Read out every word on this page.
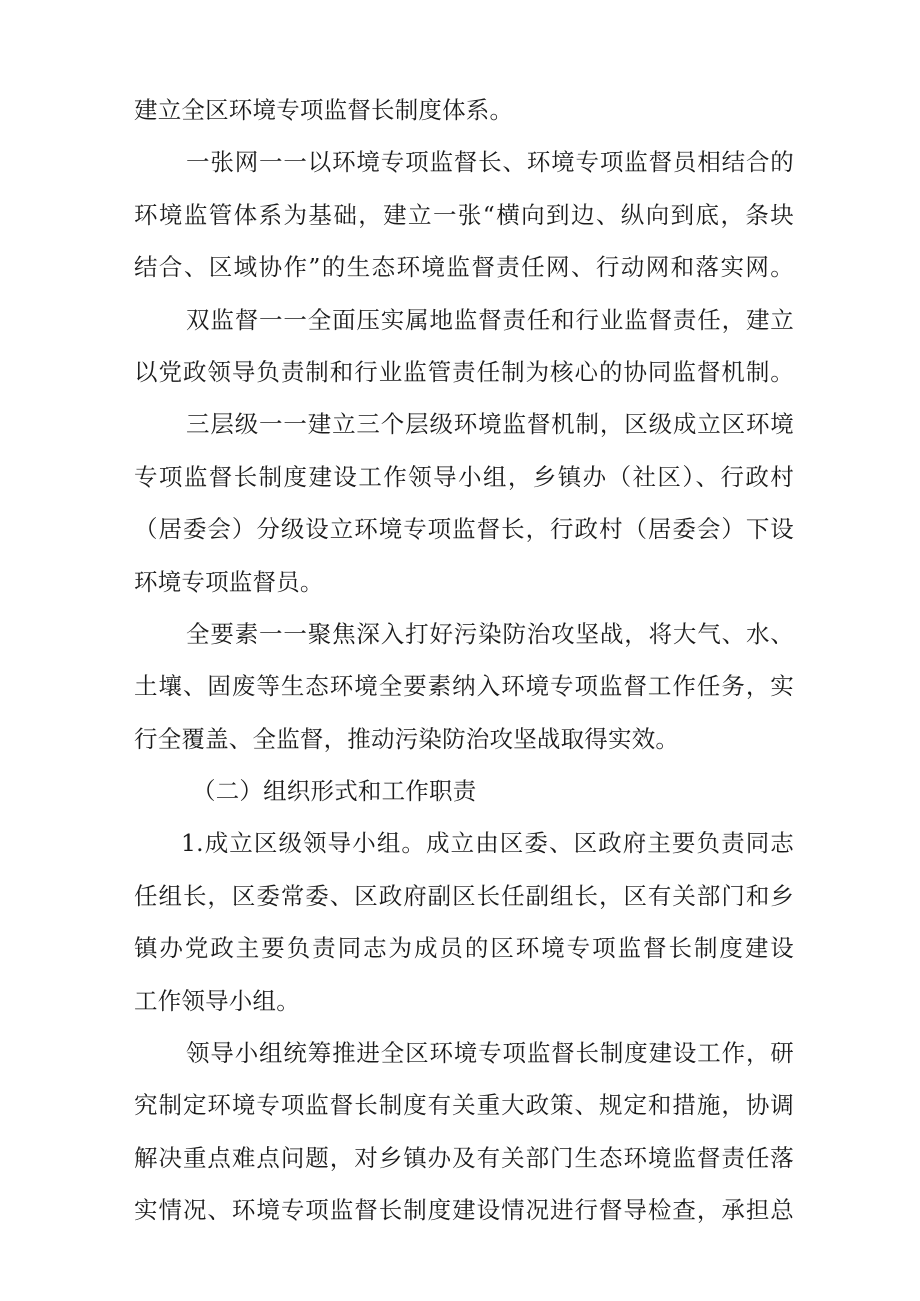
建立全区环境专项监督长制度体系。
一张网一一以环境专项监督长、环境专项监督员相结合的
环境监管体系为基础，建立一张“横向到边、纵向到底，条块
结合、区域协作”的生态环境监督责任网、行动网和落实网。
双监督一一全面压实属地监督责任和行业监督责任，建立
以党政领导负责制和行业监管责任制为核心的协同监督机制。
三层级一一建立三个层级环境监督机制，区级成立区环境
专项监督长制度建设工作领导小组，乡镇办（社区）、行政村
（居委会）分级设立环境专项监督长，行政村（居委会）下设
环境专项监督员。
全要素一一聚焦深入打好污染防治攻坚战，将大气、水、
土壤、固废等生态环境全要素纳入环境专项监督工作任务，实
行全覆盖、全监督，推动污染防治攻坚战取得实效。
（二）组织形式和工作职责
1.成立区级领导小组。成立由区委、区政府主要负责同志
任组长，区委常委、区政府副区长任副组长，区有关部门和乡
镇办党政主要负责同志为成员的区环境专项监督长制度建设
工作领导小组。
领导小组统筹推进全区环境专项监督长制度建设工作，研
究制定环境专项监督长制度有关重大政策、规定和措施，协调
解决重点难点问题，对乡镇办及有关部门生态环境监督责任落
实情况、环境专项监督长制度建设情况进行督导检查，承担总
